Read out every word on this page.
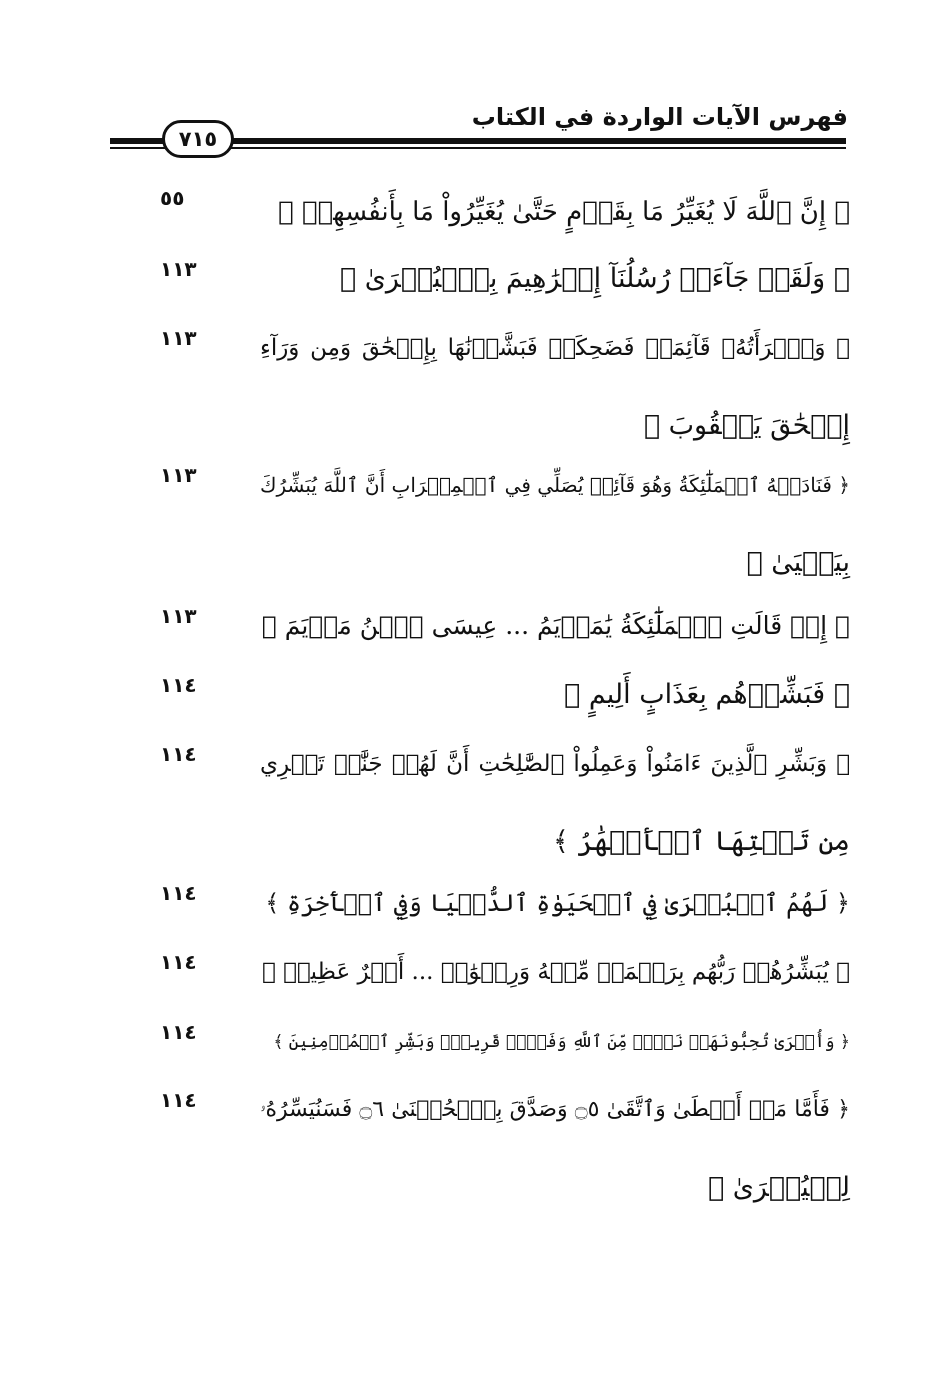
فهرس الآيات الواردة في الكتاب
٧١٥
﴿ إِنَّ ٱللَّهَ لَا يُغَيِّرُ مَا بِقَوۡمٍ حَتَّىٰ يُغَيِّرُواْ مَا بِأَنفُسِهِمۡ ﴾
٥٥
﴿ وَلَقَدۡ جَآءَتۡ رُسُلُنَآ إِبۡرَٰهِيمَ بِٱلۡبُشۡرَىٰ ﴾
١١٣
﴿ وَٱمۡرَأَتُهُۥ قَآئِمَةٞ فَضَحِكَتۡ فَبَشَّرۡنَٰهَا بِإِسۡحَٰقَ وَمِن وَرَآءِ
إِسۡحَٰقَ يَعۡقُوبَ ﴾
١١٣
﴿ فَنَادَتۡهُ ٱلۡمَلَٰٓئِكَةُ وَهُوَ قَآئِمٞ يُصَلِّي فِي ٱلۡمِحۡرَابِ أَنَّ ٱللَّهَ يُبَشِّرُكَ
بِيَحۡيَىٰ ﴾
١١٣
﴿ إِذۡ قَالَتِ ٱلۡمَلَٰٓئِكَةُ يَٰمَرۡيَمُ ... عِيسَى ٱبۡنُ مَرۡيَمَ ﴾
١١٣
﴿ فَبَشِّرۡهُم بِعَذَابٍ أَلِيمٍ ﴾
١١٤
﴿ وَبَشِّرِ ٱلَّذِينَ ءَامَنُواْ وَعَمِلُواْ ٱلصَّٰلِحَٰتِ أَنَّ لَهُمۡ جَنَّٰتٖ تَجۡرِي
مِن تَحۡتِهَا ٱلۡأَنۡهَٰرُ ﴾
١١٤
﴿ لَهُمُ ٱلۡبُشۡرَىٰ فِي ٱلۡحَيَوٰةِ ٱلدُّنۡيَا وَفِي ٱلۡأٓخِرَةِ ﴾
١١٤
﴿ يُبَشِّرُهُمۡ رَبُّهُم بِرَحۡمَةٖ مِّنۡهُ وَرِضۡوَٰنٖ ... أَجۡرٌ عَظِيمٞ ﴾
١١٤
﴿ وَأُخۡرَىٰ تُحِبُّونَهَاۖ نَصۡرٞ مِّنَ ٱللَّهِ وَفَتۡحٞ قَرِيبٞۗ وَبَشِّرِ ٱلۡمُؤۡمِنِينَ ﴾
١١٤
﴿ فَأَمَّا مَنۡ أَعۡطَىٰ وَٱتَّقَىٰ ۝٥ وَصَدَّقَ بِٱلۡحُسۡنَىٰ ۝٦ فَسَنُيَسِّرُهُۥ
لِلۡيُسۡرَىٰ ﴾
١١٤
